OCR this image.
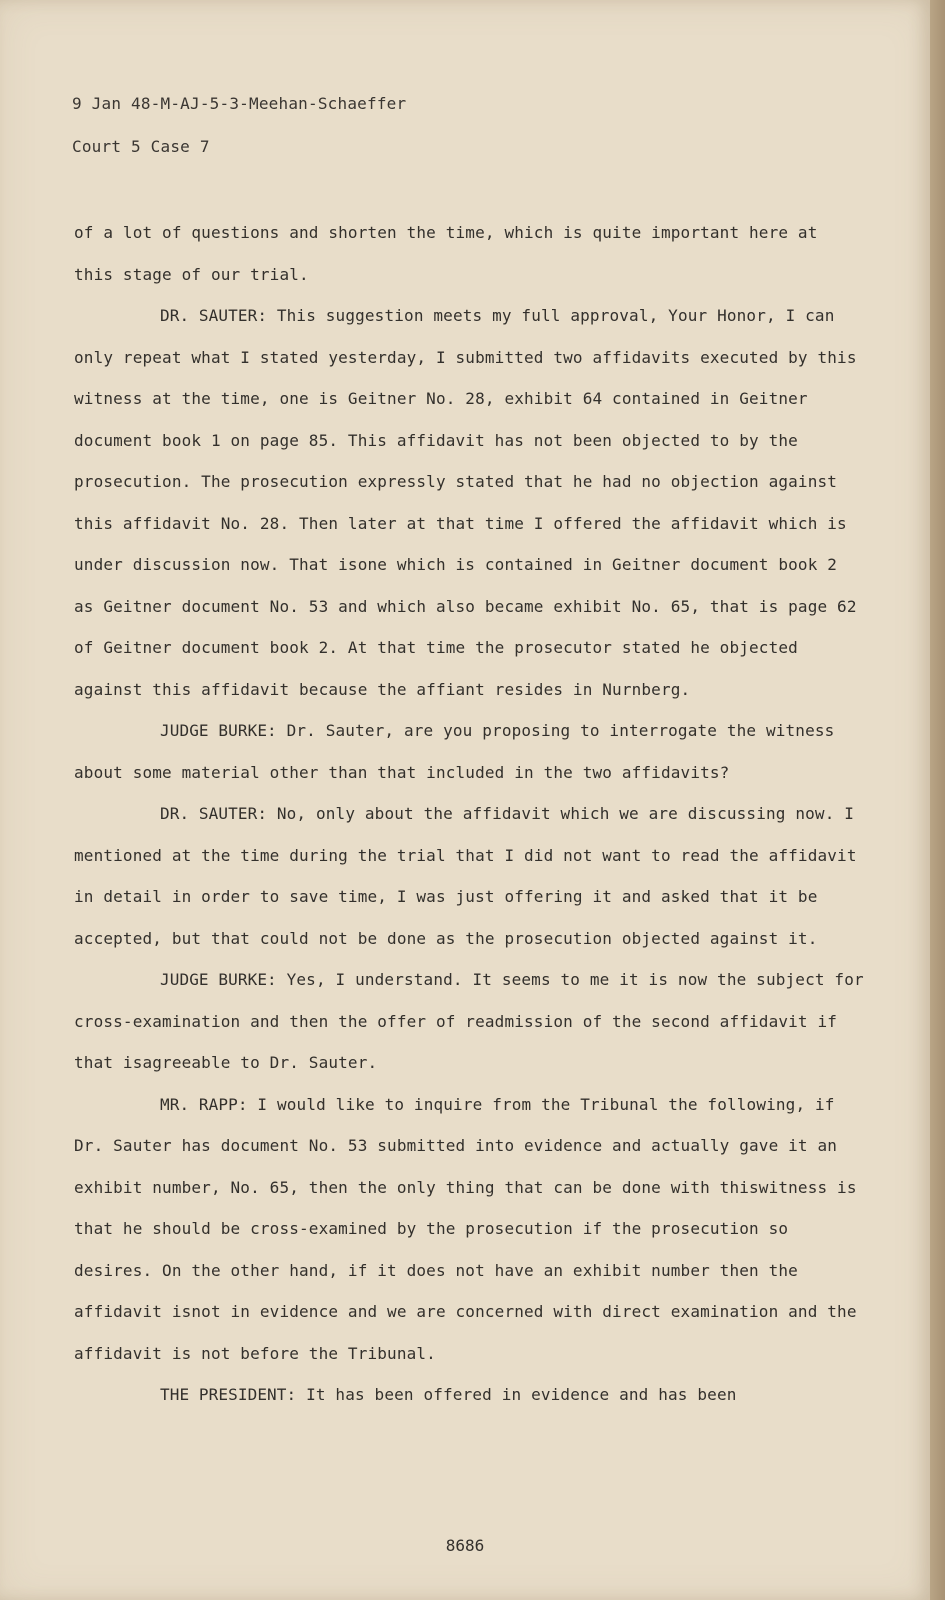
9 Jan 48-M-AJ-5-3-Meehan-Schaeffer
Court 5 Case 7

of a lot of questions and shorten the time, which is quite important here at this stage of our trial.

DR. SAUTER: This suggestion meets my full approval, Your Honor, I can only repeat what I stated yesterday, I submitted two affidavits executed by this witness at the time, one is Geitner No. 28, exhibit 64 contained in Geitner document book 1 on page 85. This affidavit has not been objected to by the prosecution. The prosecution expressly stated that he had no objection against this affidavit No. 28. Then later at that time I offered the affidavit which is under discussion now. That isone which is contained in Geitner document book 2 as Geitner document No. 53 and which also became exhibit No. 65, that is page 62 of Geitner document book 2. At that time the prosecutor stated he objected against this affidavit because the affiant resides in Nurnberg.

JUDGE BURKE: Dr. Sauter, are you proposing to interrogate the witness about some material other than that included in the two affidavits?

DR. SAUTER: No, only about the affidavit which we are discussing now. I mentioned at the time during the trial that I did not want to read the affidavit in detail in order to save time, I was just offering it and asked that it be accepted, but that could not be done as the prosecution objected against it.

JUDGE BURKE: Yes, I understand. It seems to me it is now the subject for cross-examination and then the offer of readmission of the second affidavit if that isagreeable to Dr. Sauter.

MR. RAPP: I would like to inquire from the Tribunal the following, if Dr. Sauter has document No. 53 submitted into evidence and actually gave it an exhibit number, No. 65, then the only thing that can be done with thiswitness is that he should be cross-examined by the prosecution if the prosecution so desires. On the other hand, if it does not have an exhibit number then the affidavit isnot in evidence and we are concerned with direct examination and the affidavit is not before the Tribunal.

THE PRESIDENT: It has been offered in evidence and has been

8686
